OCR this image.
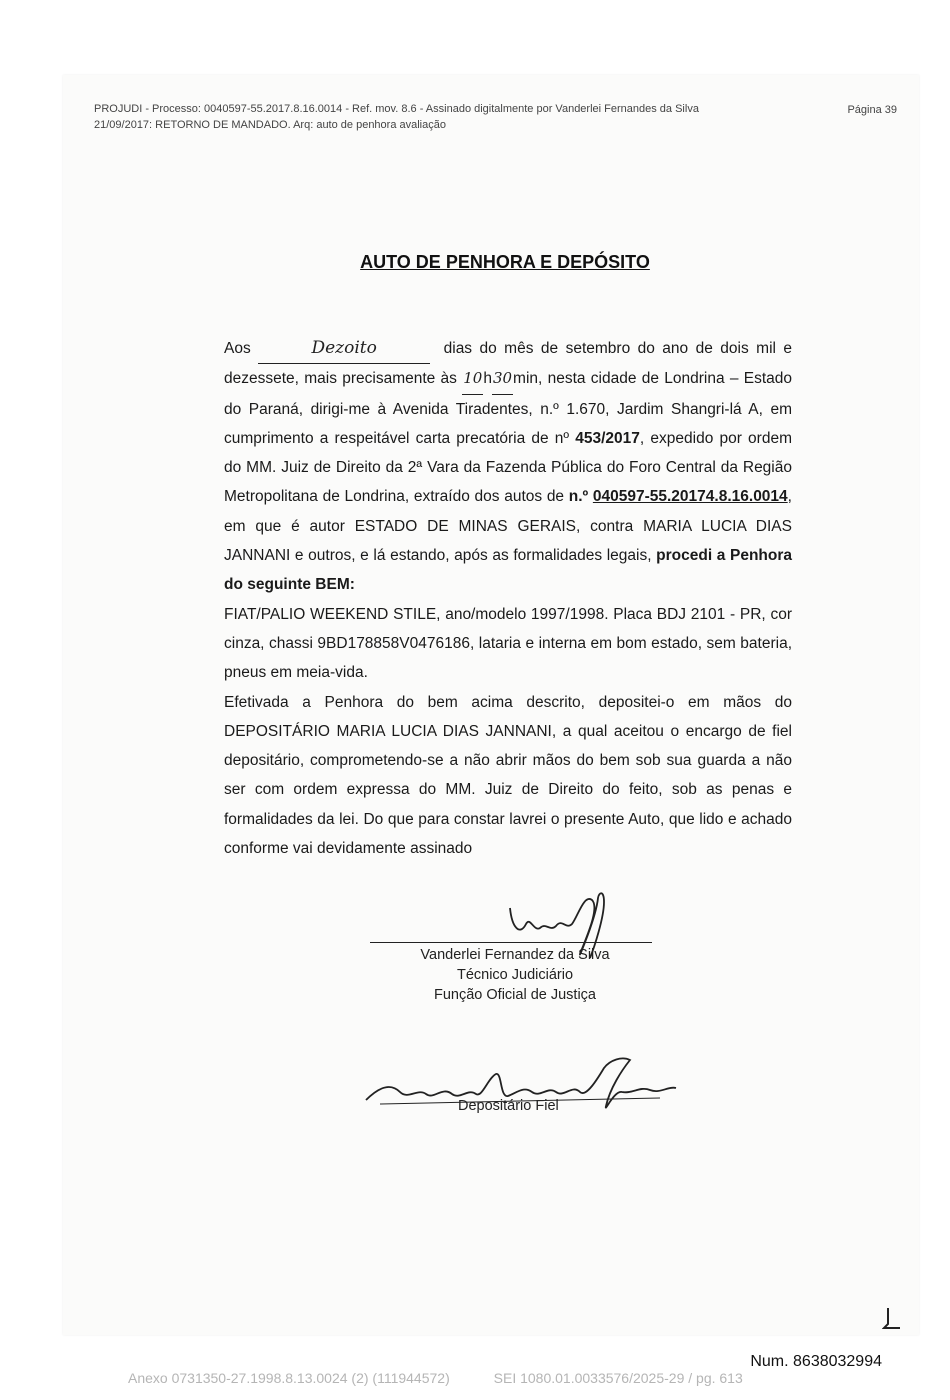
PROJUDI - Processo: 0040597-55.2017.8.16.0014 - Ref. mov. 8.6 - Assinado digitalmente por Vanderlei Fernandes da Silva
21/09/2017: RETORNO DE MANDADO. Arq: auto de penhora avaliação
Página 39
AUTO DE PENHORA E DEPÓSITO

Aos	Dezoito	dias do mês de setembro do ano de dois mil e dezessete, mais precisamente às 10h30min, nesta cidade de Londrina – Estado do Paraná, dirigi-me à Avenida Tiradentes, n.º 1.670, Jardim Shangri-lá A, em cumprimento a respeitável carta precatória de nº 453/2017, expedido por ordem do MM. Juiz de Direito da 2ª Vara da Fazenda Pública do Foro Central da Região Metropolitana de Londrina, extraído dos autos de n.º 040597-55.20174.8.16.0014, em que é autor ESTADO DE MINAS GERAIS, contra MARIA LUCIA DIAS JANNANI e outros, e lá estando, após as formalidades legais, procedi a Penhora do seguinte BEM:

FIAT/PALIO WEEKEND STILE, ano/modelo 1997/1998. Placa BDJ 2101 - PR, cor cinza, chassi 9BD178858V0476186, lataria e interna em bom estado, sem bateria, pneus em meia-vida.

Efetivada a Penhora do bem acima descrito, depositei-o em mãos do DEPOSITÁRIO MARIA LUCIA DIAS JANNANI, a qual aceitou o encargo de fiel depositário, comprometendo-se a não abrir mãos do bem sob sua guarda a não ser com ordem expressa do MM. Juiz de Direito do feito, sob as penas e formalidades da lei. Do que para constar lavrei o presente Auto, que lido e achado conforme vai devidamente assinado

Vanderlei Fernandez da Silva
Técnico Judiciário
Função Oficial de Justiça
Depositário Fiel
Num. 8638032994
Anexo 0731350-27.1998.8.13.0024 (2) (111944572)	SEI 1080.01.0033576/2025-29 / pg. 613
